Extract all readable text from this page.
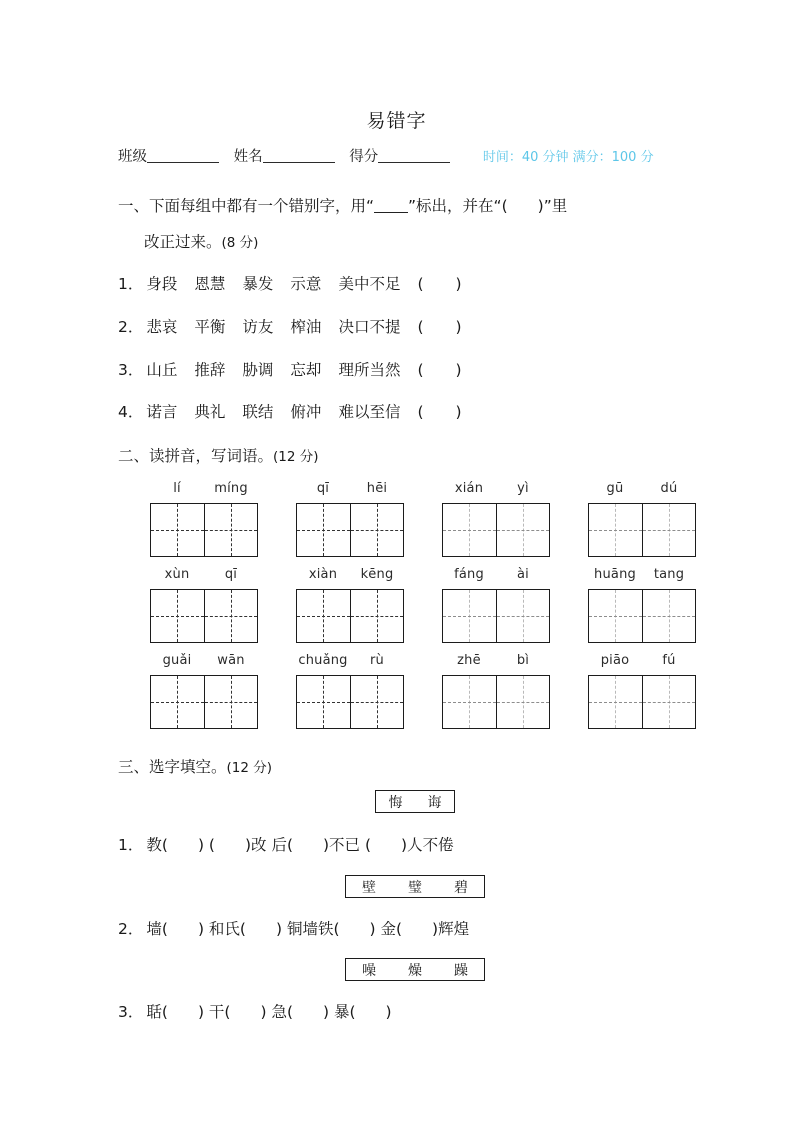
易错字
班级	姓名	得分	时间：40 分钟 满分：100 分
一、下面每组中都有一个错别字，用“ ”标出，并在“( )”里
改正过来。(8 分)
1． 身段 恩慧 暴发 示意 美中不足 ( )
2． 悲哀 平衡 访友 榨油 决口不提 ( )
3． 山丘 推辞 胁调 忘却 理所当然 ( )
4． 诺言 典礼 联结 俯冲 难以至信 ( )
二、读拼音，写词语。(12 分)
lí	míng	qī	hēi	xián	yì	gū	dú
xùn	qī	xiàn	kēng	fáng	ài	huāng	tang
guǎi	wān	chuǎng	rù	zhē	bì	piāo	fú
三、选字填空。(12 分)
悔 诲
1． 教( ) ( )改 后( )不已 ( )人不倦
壁 璧 碧
2． 墙( ) 和氏( ) 铜墙铁( ) 金( )辉煌
噪 燥 躁
3． 聒( ) 干( ) 急( ) 暴( )
